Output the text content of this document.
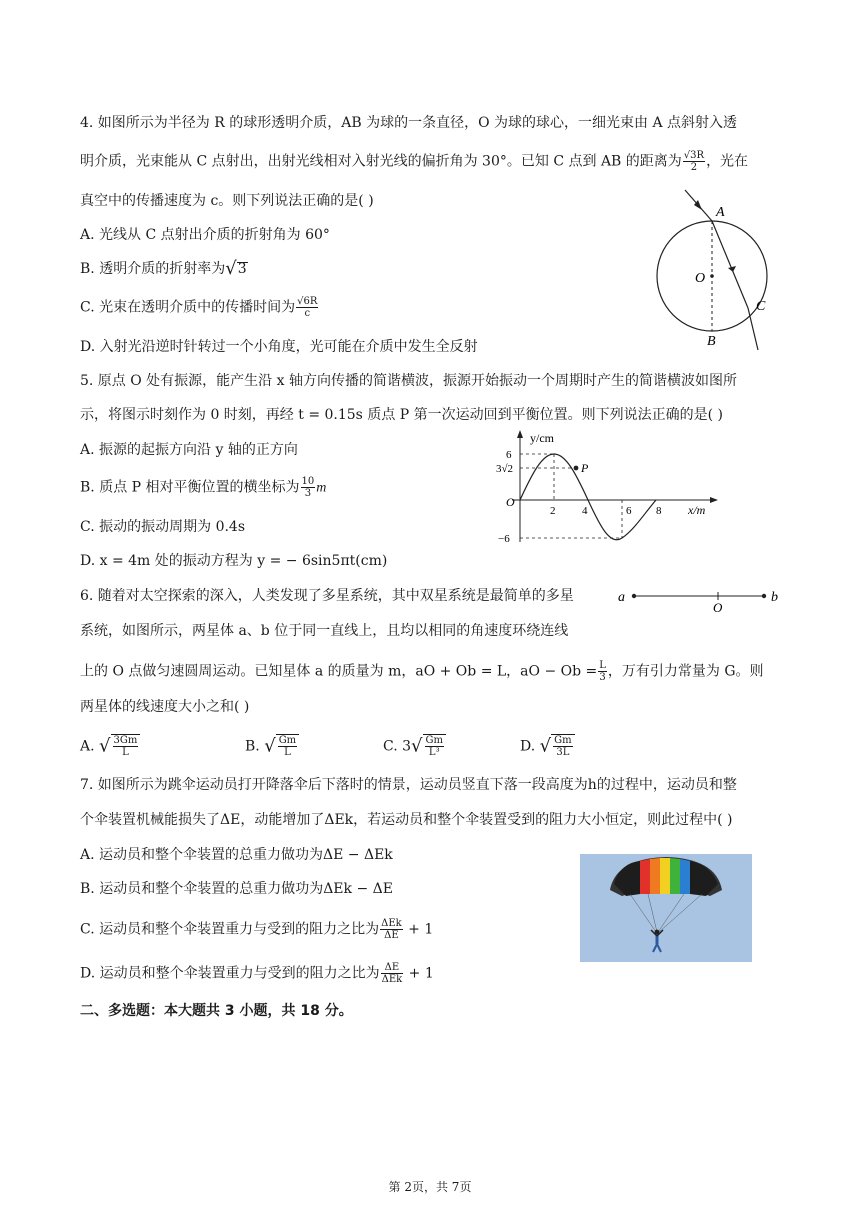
4. 如图所示为半径为 R 的球形透明介质，AB 为球的一条直径，O 为球的球心，一细光束由 A 点斜射入透
明介质，光束能从 C 点射出，出射光线相对入射光线的偏折角为 30°。已知 C 点到 AB 的距离为 $\frac{√3R}{2}$ ，光在
真空中的传播速度为 c。则下列说法正确的是( )
A. 光线从 C 点射出介质的折射角为 60°
B. 透明介质的折射率为√3
C. 光束在透明介质中的传播时间为 $\frac{√6R}{c}$
D. 入射光沿逆时针转过一个小角度，光可能在介质中发生全反射
A
O
C
B
5. 原点 O 处有振源，能产生沿 x 轴方向传播的简谐横波，振源开始振动一个周期时产生的简谐横波如图所
示，将图示时刻作为 0 时刻，再经 t = 0.15s 质点 P 第一次运动回到平衡位置。则下列说法正确的是( )
A. 振源的起振方向沿 y 轴的正方向
B. 质点 P 相对平衡位置的横坐标为 $\frac{10}{3}$ m
C. 振动的振动周期为 0.4s
D. x = 4m 处的振动方程为 y = − 6sin5πt(cm)
y/cm
x/m
O
P
6
3√2
−6
2 4	6 8
6. 随着对太空探索的深入，人类发现了多星系统，其中双星系统是最简单的多星
系统，如图所示，两星体 a、b 位于同一直线上，且均以相同的角速度环绕连线
上的 O 点做匀速圆周运动。已知星体 a 的质量为 m，aO + Ob = L，aO − $Ob = \frac{L}{3}$ ，万有引力常量为 G。则
两星体的线速度大小之和( )
A. √ $\frac{3Gm}{L}$	B. √ $\frac{Gm}{L}$	C. $3√ \frac{Gm}{\text{L³}}$	D. √ $\frac{Gm}{3L}$
a
O
b
7. 如图所示为跳伞运动员打开降落伞后下落时的情景，运动员竖直下落一段高度为h的过程中，运动员和整
个伞装置机械能损失了ΔE，动能增加了ΔEk，若运动员和整个伞装置受到的阻力大小恒定，则此过程中( )
A. 运动员和整个伞装置的总重力做功为ΔE − ΔEk
B. 运动员和整个伞装置的总重力做功为ΔEk − ΔE
C. 运动员和整个伞装置重力与受到的阻力之比为 $\frac{\text{ΔEk}}{\Delta E} + 1$
D. 运动员和整个伞装置重力与受到的阻力之比为 $\frac{\Delta E}{\text{ΔEk}} + 1$
二、多选题：本大题共 3 小题，共 18 分。
第 2页，共 7页
